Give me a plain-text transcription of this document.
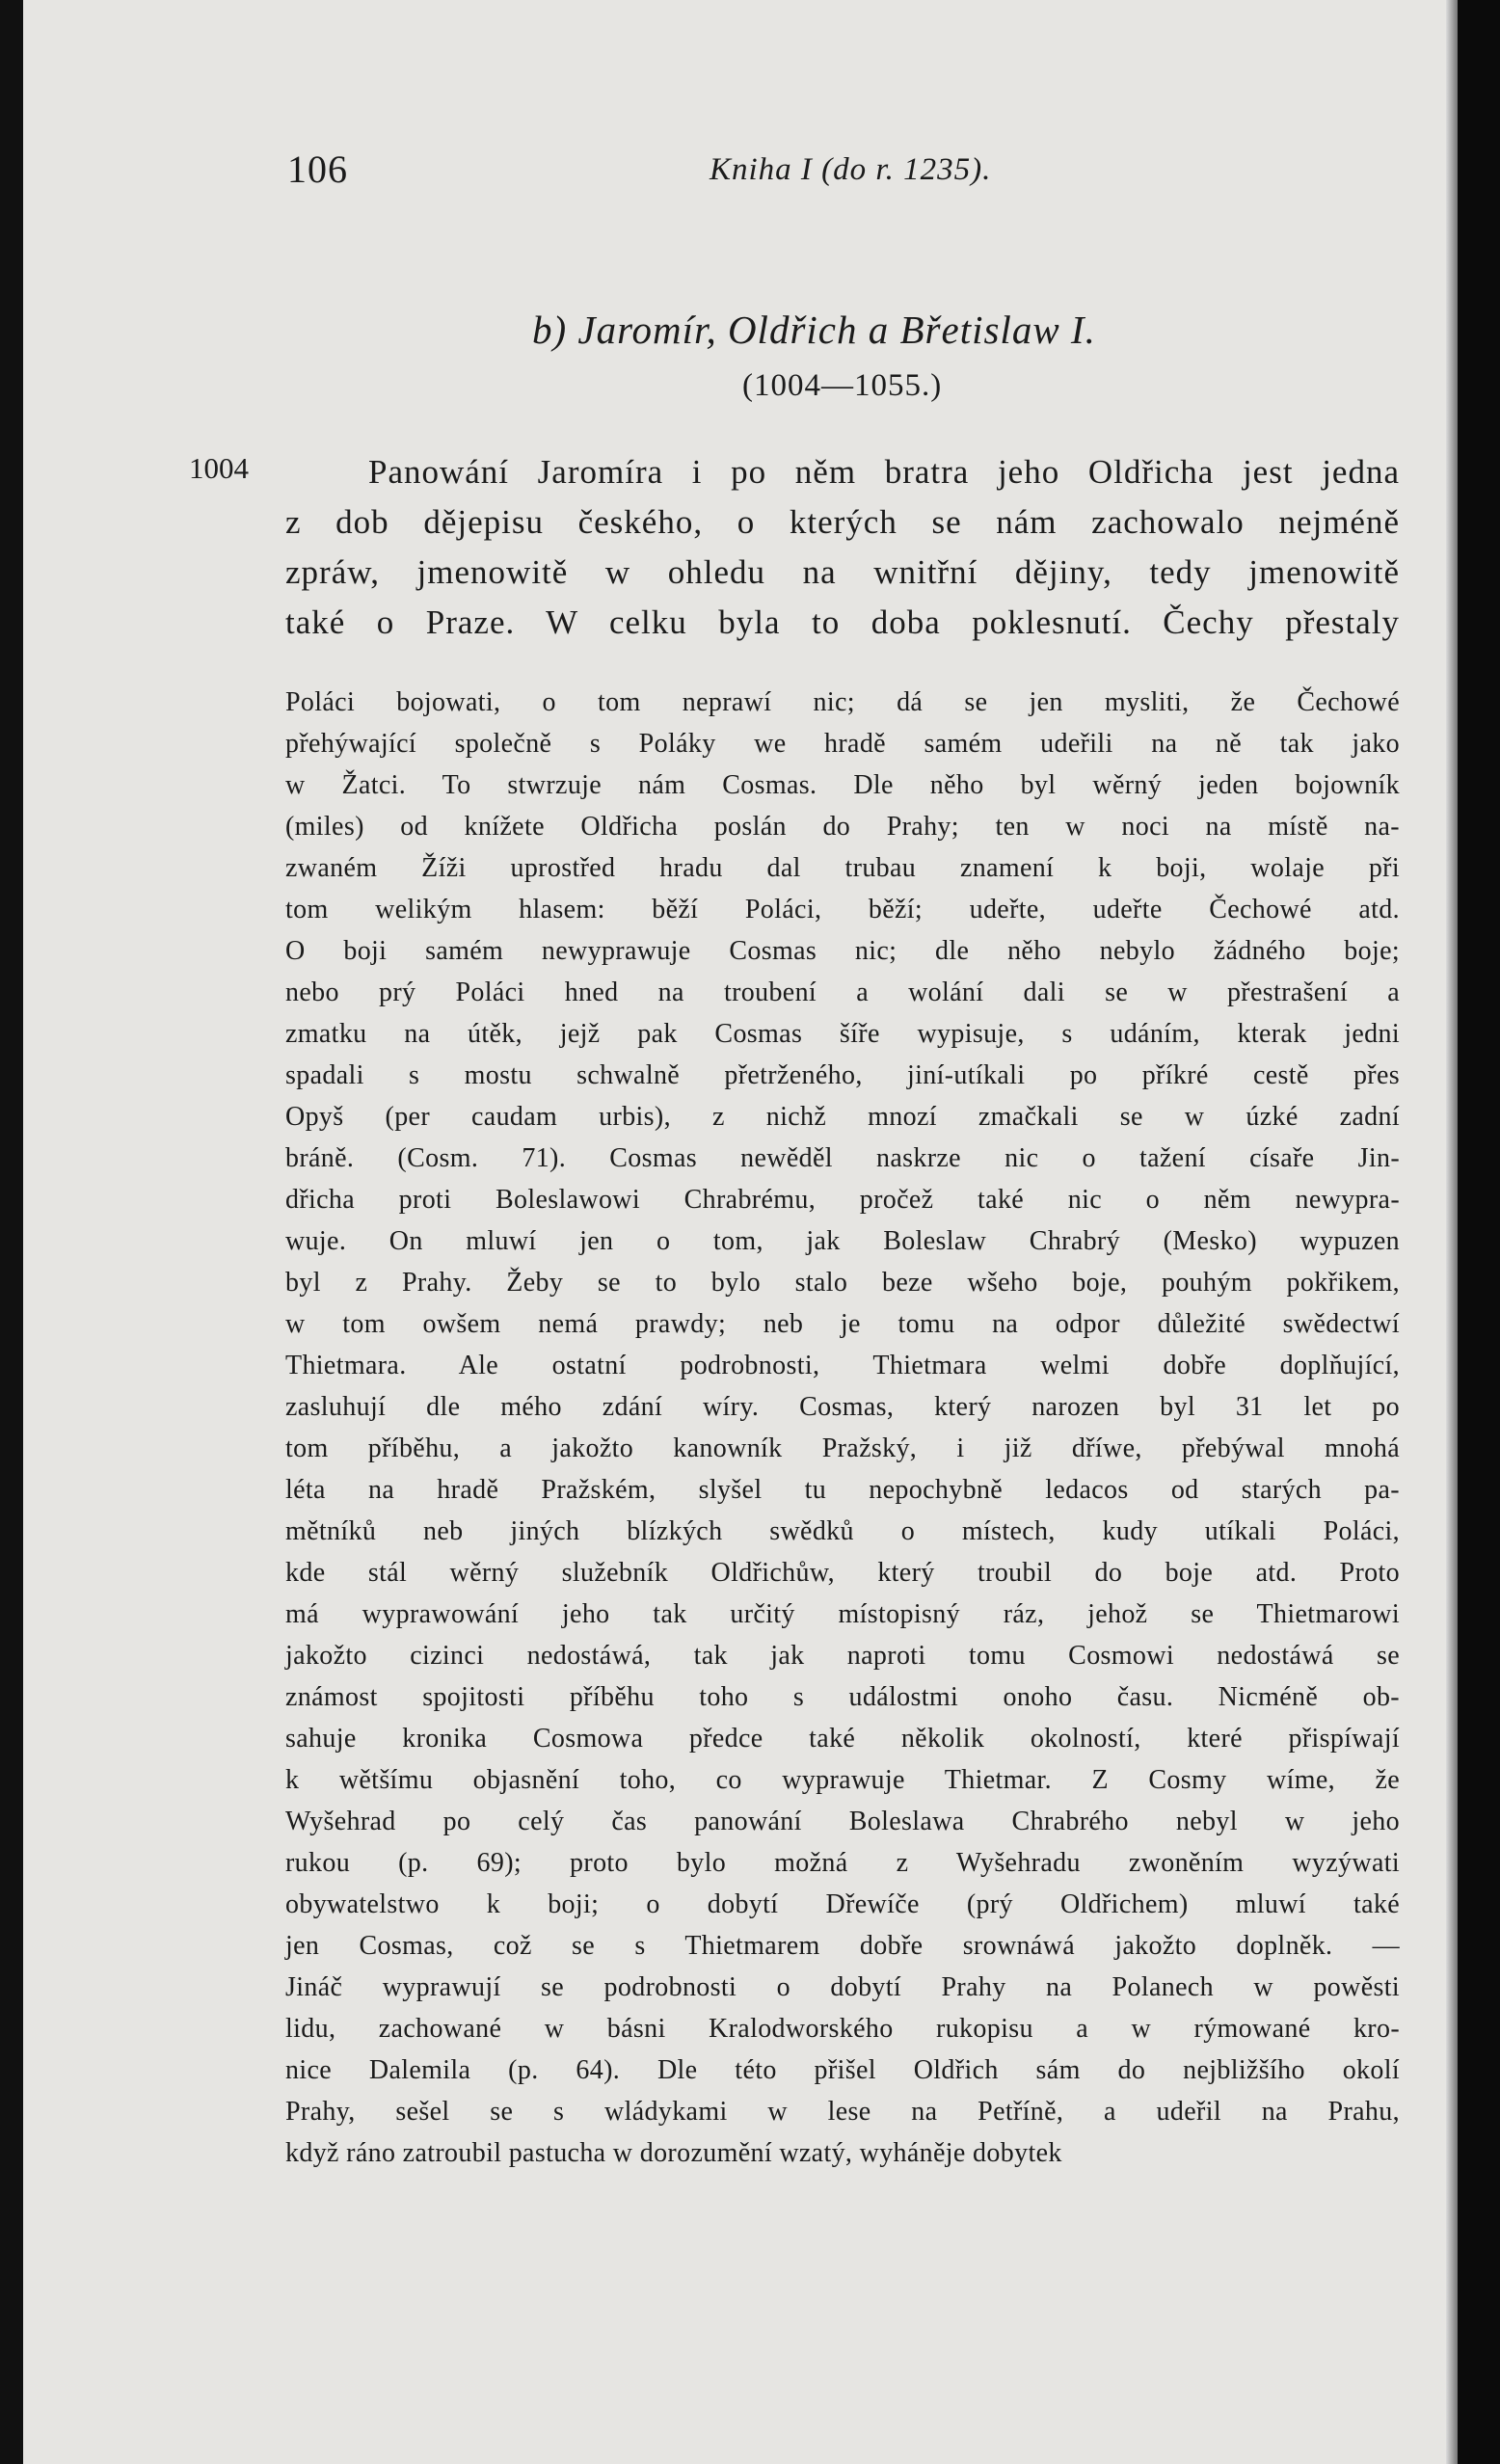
106	Kniha I (do r. 1235).
b) Jaromír, Oldřich a Břetislaw I.
(1004—1055.)
1004	Panowání Jaromíra i po něm bratra jeho Oldřicha jest jedna
z dob dějepisu českého, o kterých se nám zachowalo nejméně
zpráw, jmenowitě w ohledu na wnitřní dějiny, tedy jmenowitě
také o Praze. W celku byla to doba poklesnutí. Čechy přestaly
Poláci bojowati, o tom neprawí nic; dá se jen mysliti, že Čechowé
přehýwající společně s Poláky we hradě samém udeřili na ně tak jako
w Žatci. To stwrzuje nám Cosmas. Dle něho byl wěrný jeden bojowník
(miles) od knížete Oldřicha poslán do Prahy; ten w noci na místě na-
zwaném Žíži uprostřed hradu dal trubau znamení k boji, wolaje při
tom welikým hlasem: běží Poláci, běží; udeřte, udeřte Čechowé atd.
O boji samém newyprawuje Cosmas nic; dle něho nebylo žádného boje;
nebo prý Poláci hned na troubení a wolání dali se w přestrašení a
zmatku na útěk, jejž pak Cosmas šíře wypisuje, s udáním, kterak jedni
spadali s mostu schwalně přetrženého, jiní-utíkali po příkré cestě přes
Opyš (per caudam urbis), z nichž mnozí zmačkali se w úzké zadní
bráně. (Cosm. 71). Cosmas newěděl naskrze nic o tažení císaře Jin-
dřicha proti Boleslawowi Chrabrému, pročež také nic o něm newypra-
wuje. On mluwí jen o tom, jak Boleslaw Chrabrý (Mesko) wypuzen
byl z Prahy. Žeby se to bylo stalo beze wšeho boje, pouhým pokřikem,
w tom owšem nemá prawdy; neb je tomu na odpor důležité swědectwí
Thietmara. Ale ostatní podrobnosti, Thietmara welmi dobře doplňující,
zasluhují dle mého zdání wíry. Cosmas, který narozen byl 31 let po
tom příběhu, a jakožto kanowník Pražský, i již dříwe, přebýwal mnohá
léta na hradě Pražském, slyšel tu nepochybně ledacos od starých pa-
mětníků neb jiných blízkých swědků o místech, kudy utíkali Poláci,
kde stál wěrný služebník Oldřichůw, který troubil do boje atd. Proto
má wyprawowání jeho tak určitý místopisný ráz, jehož se Thietmarowi
jakožto cizinci nedostáwá, tak jak naproti tomu Cosmowi nedostáwá se
známost spojitosti příběhu toho s událostmi onoho času. Nicméně ob-
sahuje kronika Cosmowa předce také několik okolností, které přispíwají
k wětšímu objasnění toho, co wyprawuje Thietmar. Z Cosmy wíme, že
Wyšehrad po celý čas panowání Boleslawa Chrabrého nebyl w jeho
rukou (p. 69); proto bylo možná z Wyšehradu zwoněním wyzýwati
obywatelstwo k boji; o dobytí Dřewíče (prý Oldřichem) mluwí také
jen Cosmas, což se s Thietmarem dobře srownáwá jakožto doplněk. —
Jináč wyprawují se podrobnosti o dobytí Prahy na Polanech w powěsti
lidu, zachowané w básni Kralodworského rukopisu a w rýmowané kro-
nice Dalemila (p. 64). Dle této přišel Oldřich sám do nejbližšího okolí
Prahy, sešel se s wládykami w lese na Petříně, a udeřil na Prahu,
když ráno zatroubil pastucha w dorozumění wzatý, wyháněje dobytek
